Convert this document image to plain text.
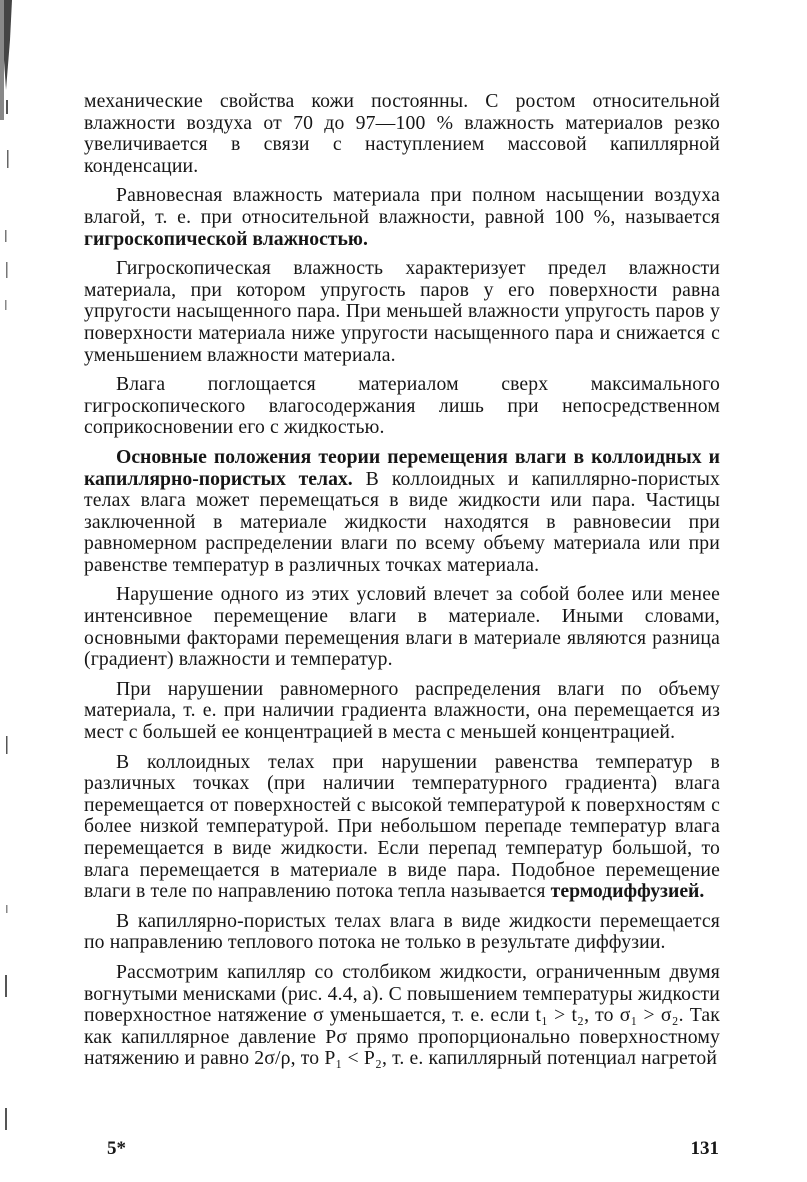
механические свойства кожи постоянны. С ростом относительной влажности воздуха от 70 до 97—100 % влажность материалов резко увеличивается в связи с наступлением массовой капиллярной конденсации.

Равновесная влажность материала при полном насыщении воздуха влагой, т. е. при относительной влажности, равной 100 %, называется гигроскопической влажностью.

Гигроскопическая влажность характеризует предел влажности материала, при котором упругость паров у его поверхности равна упругости насыщенного пара. При меньшей влажности упругость паров у поверхности материала ниже упругости насыщенного пара и снижается с уменьшением влажности материала.

Влага поглощается материалом сверх максимального гигроскопического влагосодержания лишь при непосредственном соприкосновении его с жидкостью.

Основные положения теории перемещения влаги в коллоидных и капиллярно-пористых телах. В коллоидных и капиллярно-пористых телах влага может перемещаться в виде жидкости или пара. Частицы заключенной в материале жидкости находятся в равновесии при равномерном распределении влаги по всему объему материала или при равенстве температур в различных точках материала.

Нарушение одного из этих условий влечет за собой более или менее интенсивное перемещение влаги в материале. Иными словами, основными факторами перемещения влаги в материале являются разница (градиент) влажности и температур.

При нарушении равномерного распределения влаги по объему материала, т. е. при наличии градиента влажности, она перемещается из мест с большей ее концентрацией в места с меньшей концентрацией.

В коллоидных телах при нарушении равенства температур в различных точках (при наличии температурного градиента) влага перемещается от поверхностей с высокой температурой к поверхностям с более низкой температурой. При небольшом перепаде температур влага перемещается в виде жидкости. Если перепад температур большой, то влага перемещается в материале в виде пара. Подобное перемещение влаги в теле по направлению потока тепла называется термодиффузией.

В капиллярно-пористых телах влага в виде жидкости перемещается по направлению теплового потока не только в результате диффузии.

Рассмотрим капилляр со столбиком жидкости, ограниченным двумя вогнутыми менисками (рис. 4.4, а). С повышением температуры жидкости поверхностное натяжение σ уменьшается, т. е. если t₁ > t₂, то σ₁ > σ₂. Так как капиллярное давление Pσ прямо пропорционально поверхностному натяжению и равно 2σ/ρ, то P₁ < P₂, т. е. капиллярный потенциал нагретой

5*	131
